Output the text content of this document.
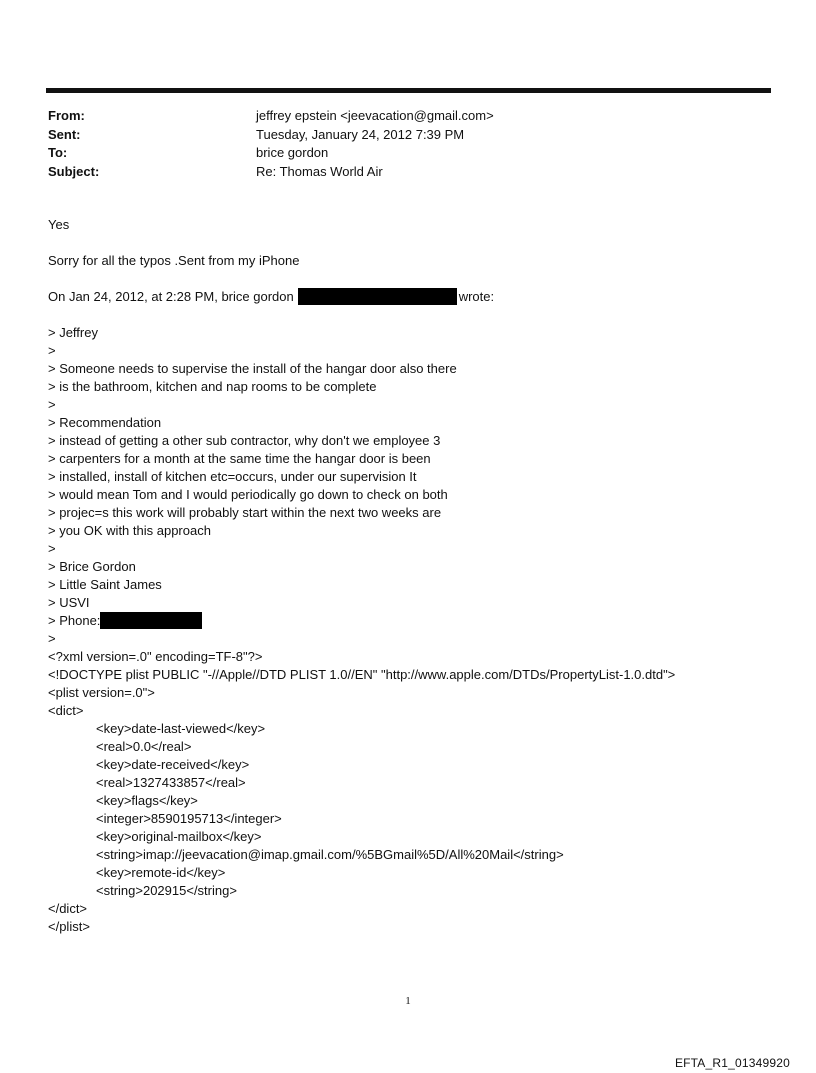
From:	jeffrey epstein <jeevacation@gmail.com>
Sent:	Tuesday, January 24, 2012 7:39 PM
To:	brice gordon
Subject:	Re: Thomas World Air
Yes
Sorry for all the typos .Sent from my iPhone
On Jan 24, 2012, at 2:28 PM, brice gordon	wrote:
> Jeffrey
>
> Someone needs to supervise the install of the hangar door also there
> is the bathroom, kitchen and nap rooms to be complete
>
> Recommendation
> instead of getting a other sub contractor, why don't we employee 3
> carpenters for a month at the same time the hangar door is been
> installed, install of kitchen etc=occurs, under our supervision It
> would mean Tom and I would periodically go down to check on both
> projec=s this work will probably start within the next two weeks are
> you OK with this approach
>
> Brice Gordon
> Little Saint James
> USVI
> Phone:
>
<?xml version=.0" encoding=TF-8"?>
<!DOCTYPE plist PUBLIC "-//Apple//DTD PLIST 1.0//EN" "http://www.apple.com/DTDs/PropertyList-1.0.dtd">
<plist version=.0">
<dict>
<key>date-last-viewed</key>
<real>0.0</real>
<key>date-received</key>
<real>1327433857</real>
<key>flags</key>
<integer>8590195713</integer>
<key>original-mailbox</key>
<string>imap://jeevacation@imap.gmail.com/%5BGmail%5D/All%20Mail</string>
<key>remote-id</key>
<string>202915</string>
</dict>
</plist>
1
EFTA_R1_01349920
